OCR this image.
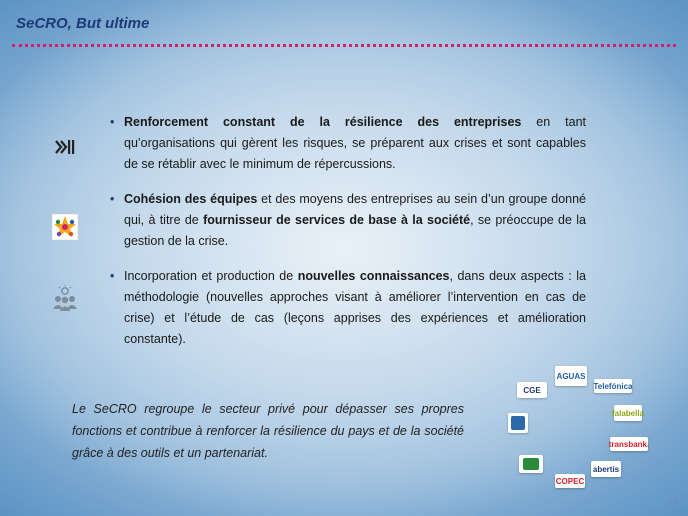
SeCRO, But ultime
• Renforcement constant de la résilience des entreprises en tant qu’organisations qui gèrent les risques, se préparent aux crises et sont capables de se rétablir avec le minimum de répercussions.
• Cohésion des équipes et des moyens des entreprises au sein d’un groupe donné qui, à titre de fournisseur de services de base à la société, se préoccupe de la gestion de la crise.
• Incorporation et production de nouvelles connaissances, dans deux aspects : la méthodologie (nouvelles approches visant à améliorer l’intervention en cas de crise) et l’étude de cas (leçons apprises des expériences et amélioration constante).
Le SeCRO regroupe le secteur privé pour dépasser ses propres fonctions et contribue à renforcer la résilience du pays et de la société grâce à des outils et un partenariat.
CGE
AGUAS
Telefónica
falabella
transbank.
abertis
COPEC
20
